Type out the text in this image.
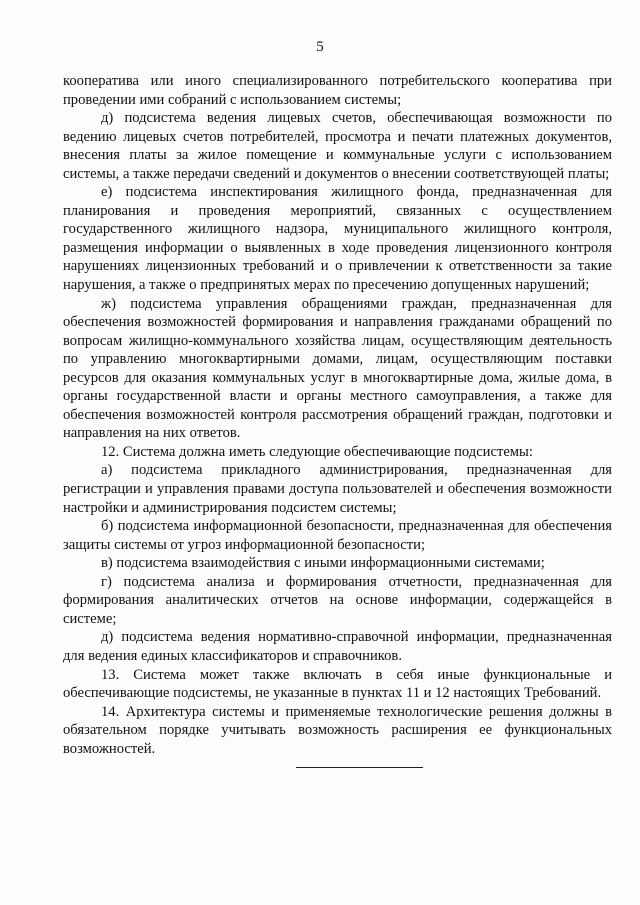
5

кооператива или иного специализированного потребительского кооператива при проведении ими собраний с использованием системы;

д) подсистема ведения лицевых счетов, обеспечивающая возможности по ведению лицевых счетов потребителей, просмотра и печати платежных документов, внесения платы за жилое помещение и коммунальные услуги с использованием системы, а также передачи сведений и документов о внесении соответствующей платы;

е) подсистема инспектирования жилищного фонда, предназначенная для планирования и проведения мероприятий, связанных с осуществлением государственного жилищного надзора, муниципального жилищного контроля, размещения информации о выявленных в ходе проведения лицензионного контроля нарушениях лицензионных требований и о привлечении к ответственности за такие нарушения, а также о предпринятых мерах по пресечению допущенных нарушений;

ж) подсистема управления обращениями граждан, предназначенная для обеспечения возможностей формирования и направления гражданами обращений по вопросам жилищно-коммунального хозяйства лицам, осуществляющим деятельность по управлению многоквартирными домами, лицам, осуществляющим поставки ресурсов для оказания коммунальных услуг в многоквартирные дома, жилые дома, в органы государственной власти и органы местного самоуправления, а также для обеспечения возможностей контроля рассмотрения обращений граждан, подготовки и направления на них ответов.

12. Система должна иметь следующие обеспечивающие подсистемы:

а) подсистема прикладного администрирования, предназначенная для регистрации и управления правами доступа пользователей и обеспечения возможности настройки и администрирования подсистем системы;

б) подсистема информационной безопасности, предназначенная для обеспечения защиты системы от угроз информационной безопасности;

в) подсистема взаимодействия с иными информационными системами;

г) подсистема анализа и формирования отчетности, предназначенная для формирования аналитических отчетов на основе информации, содержащейся в системе;

д) подсистема ведения нормативно-справочной информации, предназначенная для ведения единых классификаторов и справочников.

13. Система может также включать в себя иные функциональные и обеспечивающие подсистемы, не указанные в пунктах 11 и 12 настоящих Требований.

14. Архитектура системы и применяемые технологические решения должны в обязательном порядке учитывать возможность расширения ее функциональных возможностей.
